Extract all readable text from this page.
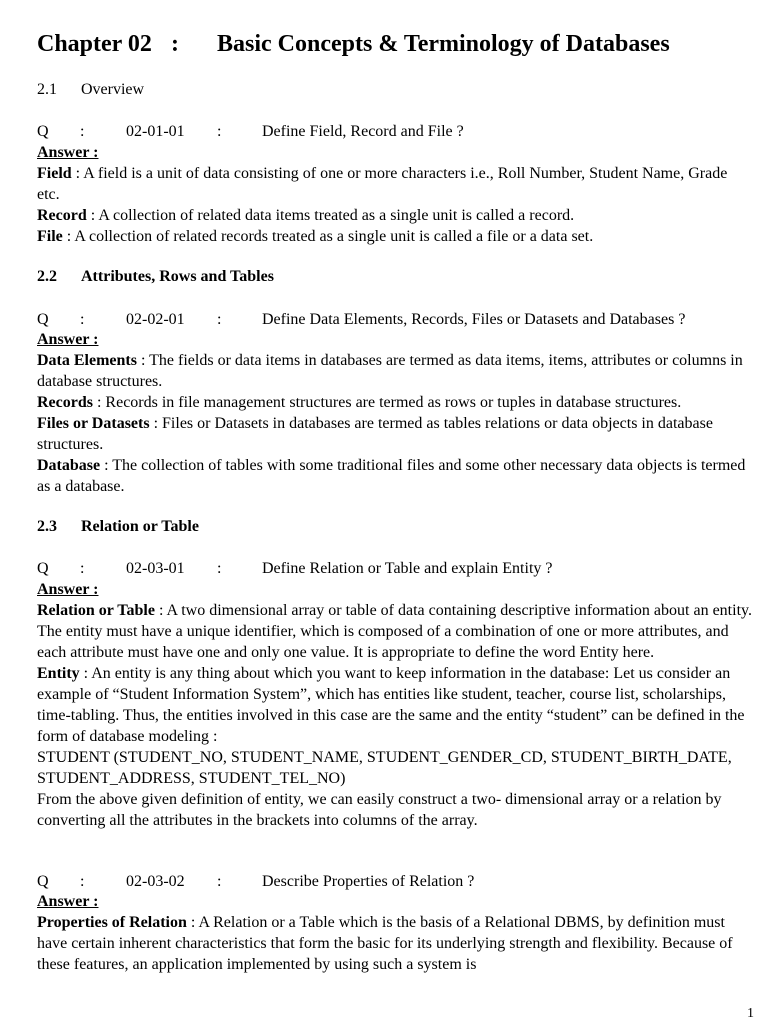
Chapter 02 : Basic Concepts & Terminology of Databases
2.1 Overview
Q :	02-01-01 :	Define Field, Record and File ?
Answer :
Field : A field is a unit of data consisting of one or more characters i.e., Roll Number, Student Name, Grade etc.
Record : A collection of related data items treated as a single unit is called a record.
File : A collection of related records treated as a single unit is called a file or a data set.
2.2 Attributes, Rows and Tables
Q :	02-02-01 :	Define Data Elements, Records, Files or Datasets and Databases ?
Answer :
Data Elements : The fields or data items in databases are termed as data items, items, attributes or columns in database structures.
Records : Records in file management structures are termed as rows or tuples in database structures.
Files or Datasets : Files or Datasets in databases are termed as tables relations or data objects in database structures.
Database : The collection of tables with some traditional files and some other necessary data objects is termed as a database.
2.3 Relation or Table
Q :	02-03-01 :	Define Relation or Table and explain Entity ?
Answer :
Relation or Table : A two dimensional array or table of data containing descriptive information about an entity. The entity must have a unique identifier, which is composed of a combination of one or more attributes, and each attribute must have one and only one value. It is appropriate to define the word Entity here.
Entity : An entity is any thing about which you want to keep information in the database: Let us consider an example of “Student Information System”, which has entities like student, teacher, course list, scholarships, time-tabling. Thus, the entities involved in this case are the same and the entity “student” can be defined in the form of database modeling :
STUDENT (STUDENT_NO, STUDENT_NAME, STUDENT_GENDER_CD, STUDENT_BIRTH_DATE, STUDENT_ADDRESS, STUDENT_TEL_NO)
From the above given definition of entity, we can easily construct a two- dimensional array or a relation by converting all the attributes in the brackets into columns of the array.
Q :	02-03-02 :	Describe Properties of Relation ?
Answer :
Properties of Relation : A Relation or a Table which is the basis of a Relational DBMS, by definition must have certain inherent characteristics that form the basic for its underlying strength and flexibility. Because of these features, an application implemented by using such a system is
1
